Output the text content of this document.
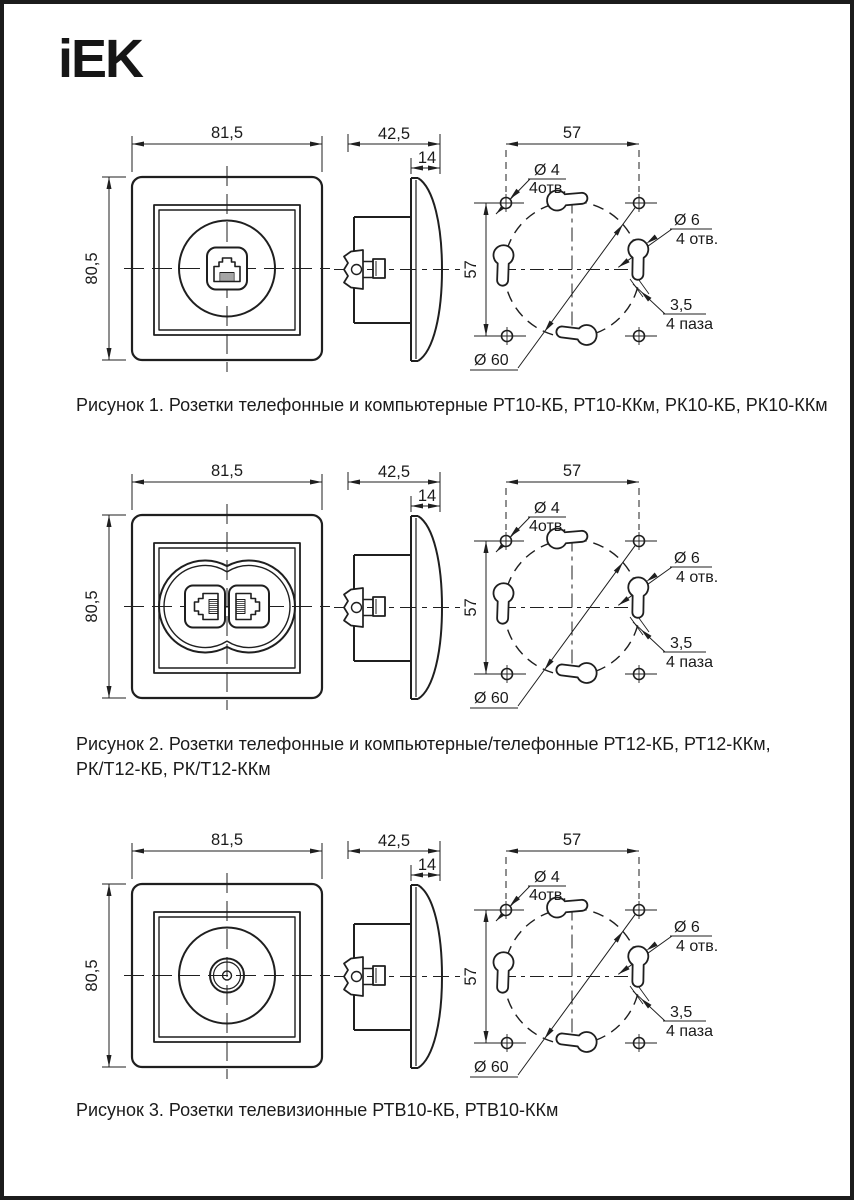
iEK
81,5
80,5
42,5
14
57
57
Ø 4
4отв.
Ø 6
4 отв.
3,5
4 паза
Ø 60
Рисунок 1. Розетки телефонные и компьютерные РТ10-КБ, РТ10-ККм, РК10-КБ, РК10-ККм
81,5
80,5
42,5
14
57
57
Ø 4
4отв.
Ø 6
4 отв.
3,5
4 паза
Ø 60
Рисунок 2. Розетки телефонные и компьютерные/телефонные РТ12-КБ, РТ12-ККм,
РК/Т12-КБ, РК/Т12-ККм
81,5
80,5
42,5
14
57
57
Ø 4
4отв.
Ø 6
4 отв.
3,5
4 паза
Ø 60
Рисунок 3. Розетки телевизионные РТВ10-КБ, РТВ10-ККм
